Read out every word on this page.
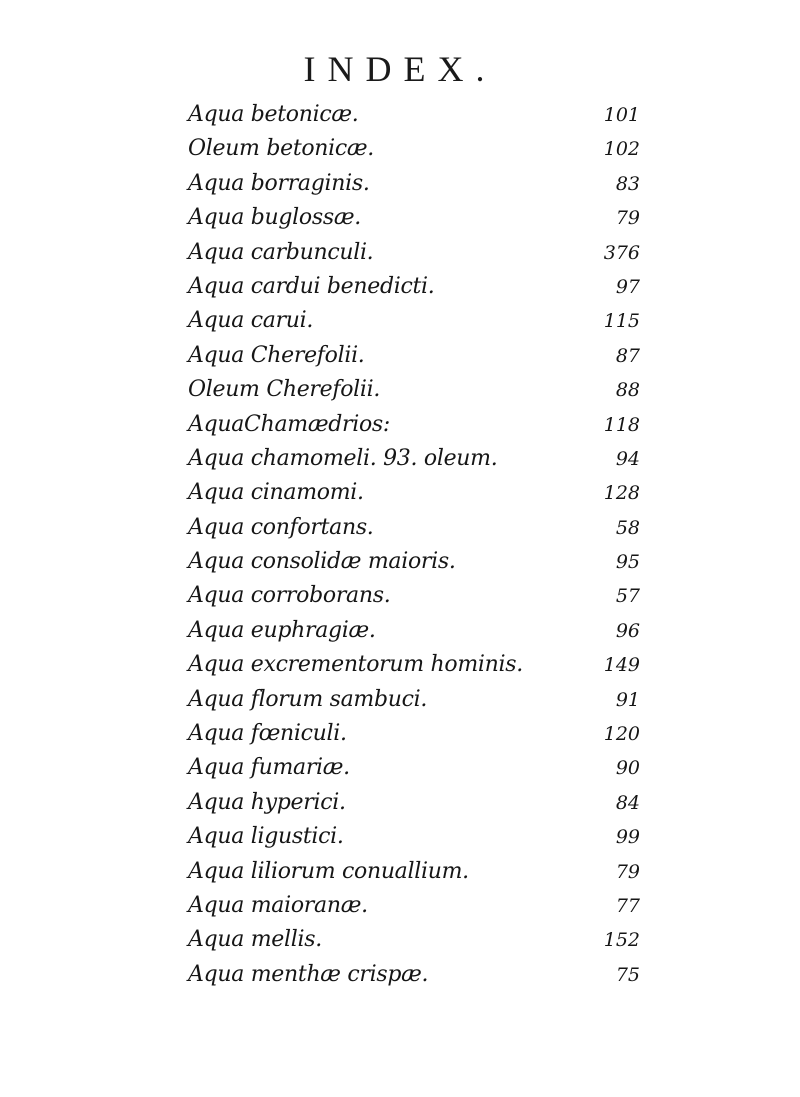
INDEX.
Aqua betonicæ.	101
Oleum betonicæ.	102
Aqua borraginis.	83
Aqua buglossæ.	79
Aqua carbunculi.	376
Aqua cardui benedicti.	97
Aqua carui.	115
Aqua Cherefolii.	87
Oleum Cherefolii.	88
AquaChamædrios:	118
Aqua chamomeli. 93. oleum.	94
Aqua cinamomi.	128
Aqua confortans.	58
Aqua consolidæ maioris.	95
Aqua corroborans.	57
Aqua euphragiæ.	96
Aqua excrementorum hominis.	149
Aqua florum sambuci.	91
Aqua fœniculi.	120
Aqua fumariæ.	90
Aqua hyperici.	84
Aqua ligustici.	99
Aqua liliorum conuallium.	79
Aqua maioranæ.	77
Aqua mellis.	152
Aqua menthæ crispæ.	75
